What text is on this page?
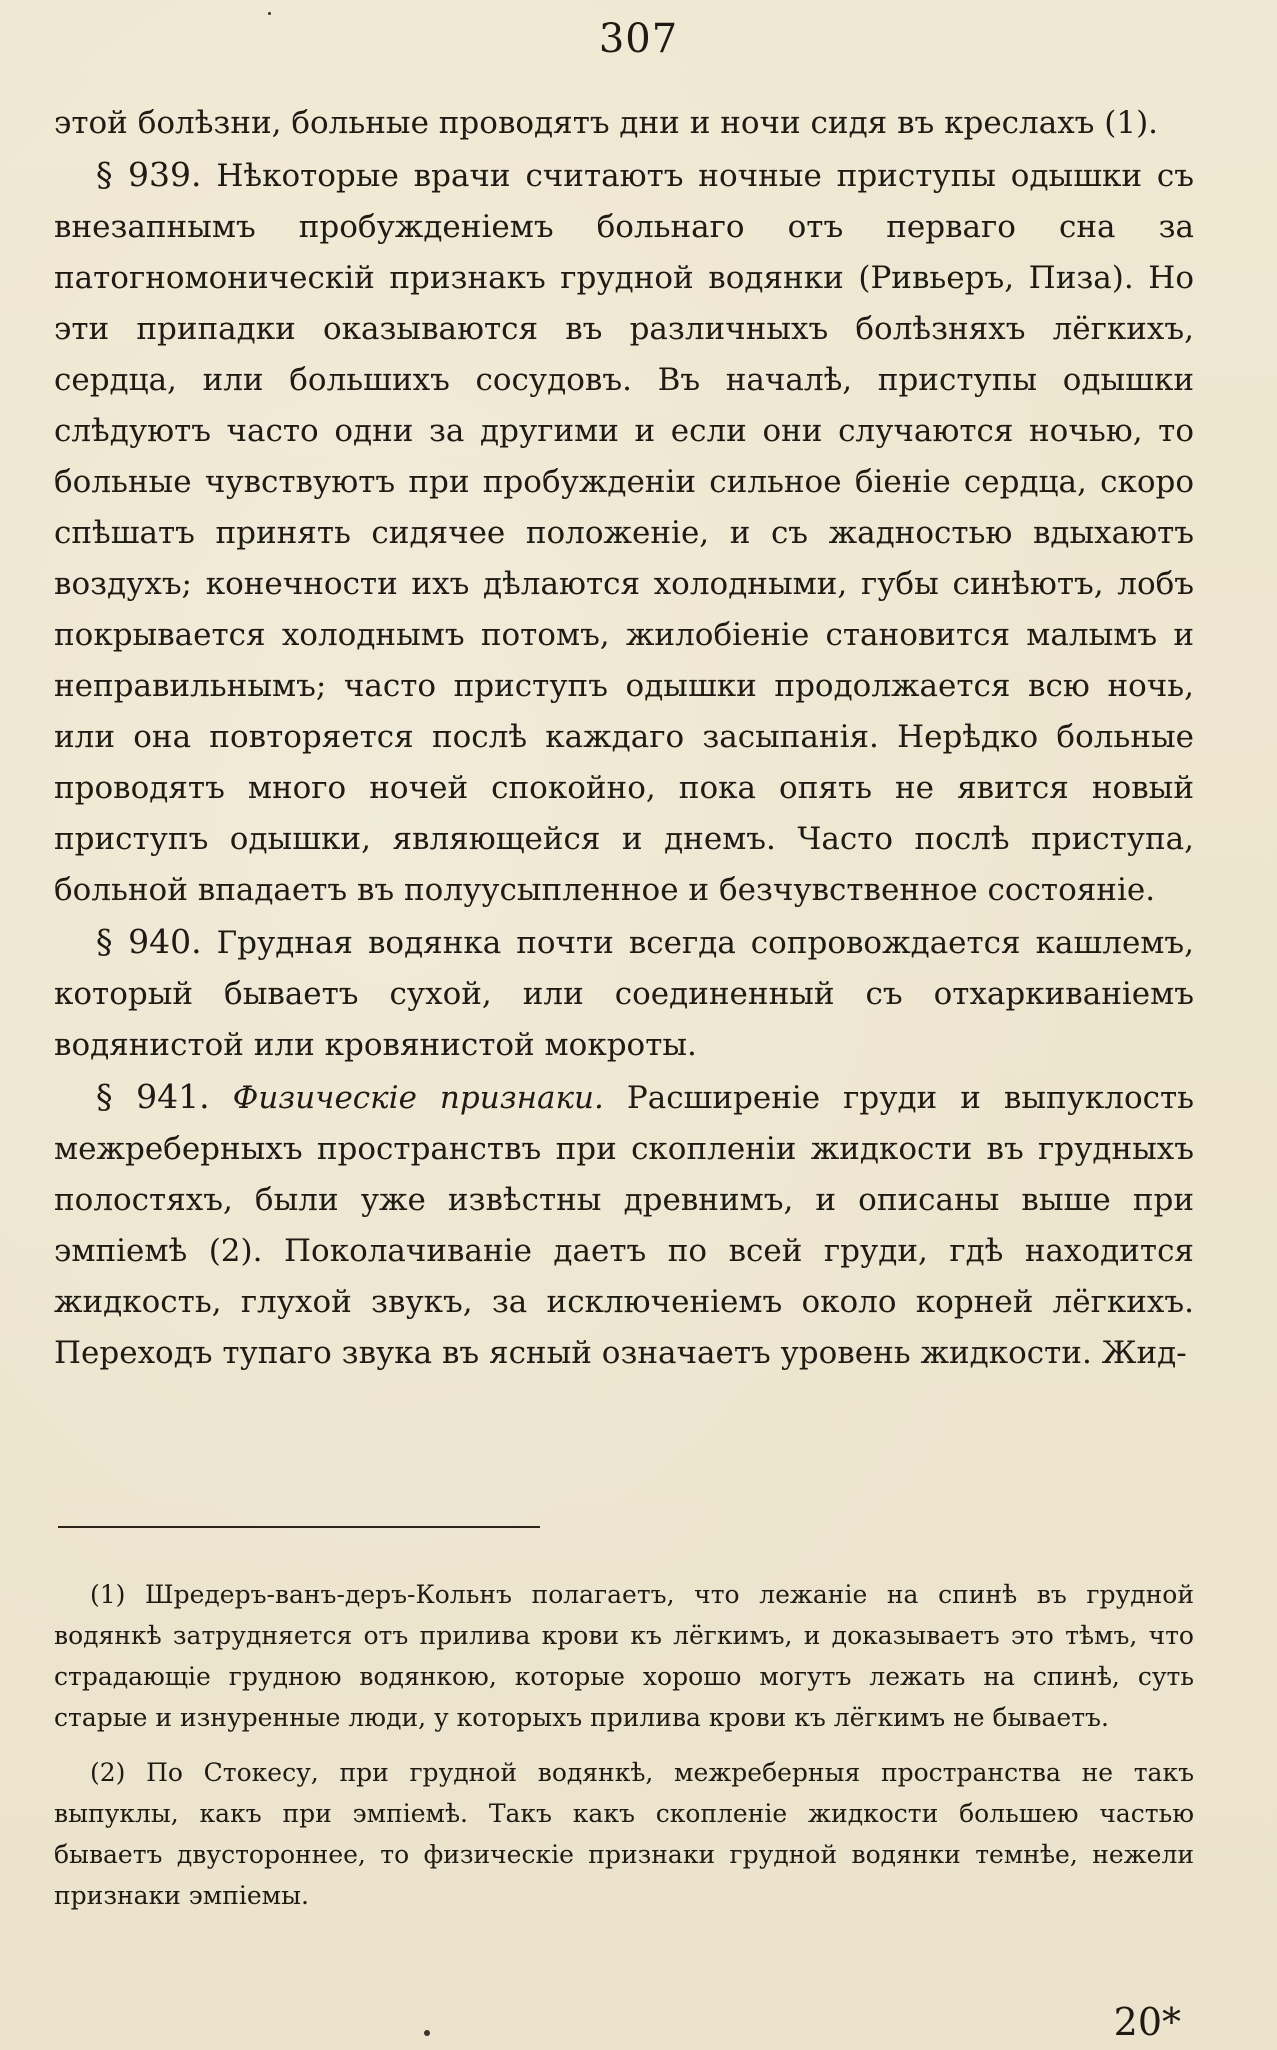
307

этой болѣзни, больные проводятъ дни и ночи сидя въ креслахъ (1).

§ 939. Нѣкоторые врачи считаютъ ночные приступы одышки съ внезапнымъ пробужденіемъ больнаго отъ перваго сна за патогномоническій признакъ грудной водянки (Ривьеръ, Пиза). Но эти припадки оказываются въ различныхъ болѣзняхъ лёгкихъ, сердца, или большихъ сосудовъ. Въ началѣ, приступы одышки слѣдуютъ часто одни за другими и если они случаются ночью, то больные чувствуютъ при пробужденіи сильное біеніе сердца, скоро спѣшатъ принять сидячее положеніе, и съ жадностью вдыхаютъ воздухъ; конечности ихъ дѣлаются холодными, губы синѣютъ, лобъ покрывается холоднымъ потомъ, жилобіеніе становится малымъ и неправильнымъ; часто приступъ одышки продолжается всю ночь, или она повторяется послѣ каждаго засыпанія. Нерѣдко больные проводятъ много ночей спокойно, пока опять не явится новый приступъ одышки, являющейся и днемъ. Часто послѣ приступа, больной впадаетъ въ полуусыпленное и безчувственное состояніе.

§ 940. Грудная водянка почти всегда сопровождается кашлемъ, который бываетъ сухой, или соединенный съ отхаркиваніемъ водянистой или кровянистой мокроты.

§ 941. Физическіе признаки. Расширеніе груди и выпуклость межреберныхъ пространствъ при скопленіи жидкости въ грудныхъ полостяхъ, были уже извѣстны древнимъ, и описаны выше при эмпіемѣ (2). Поколачиваніе даетъ по всей груди, гдѣ находится жидкость, глухой звукъ, за исключеніемъ около корней лёгкихъ. Переходъ тупаго звука въ ясный означаетъ уровень жидкости. Жид-

(1) Шредеръ-ванъ-деръ-Кольнъ полагаетъ, что лежаніе на спинѣ въ грудной водянкѣ затрудняется отъ прилива крови къ лёгкимъ, и доказываетъ это тѣмъ, что страдающіе грудною водянкою, которые хорошо могутъ лежать на спинѣ, суть старые и изнуренные люди, у которыхъ прилива крови къ лёгкимъ не бываетъ.

(2) По Стокесу, при грудной водянкѣ, межреберныя пространства не такъ выпуклы, какъ при эмпіемѣ. Такъ какъ скопленіе жидкости большею частью бываетъ двустороннее, то физическіе признаки грудной водянки темнѣе, нежели признаки эмпіемы.

20*
